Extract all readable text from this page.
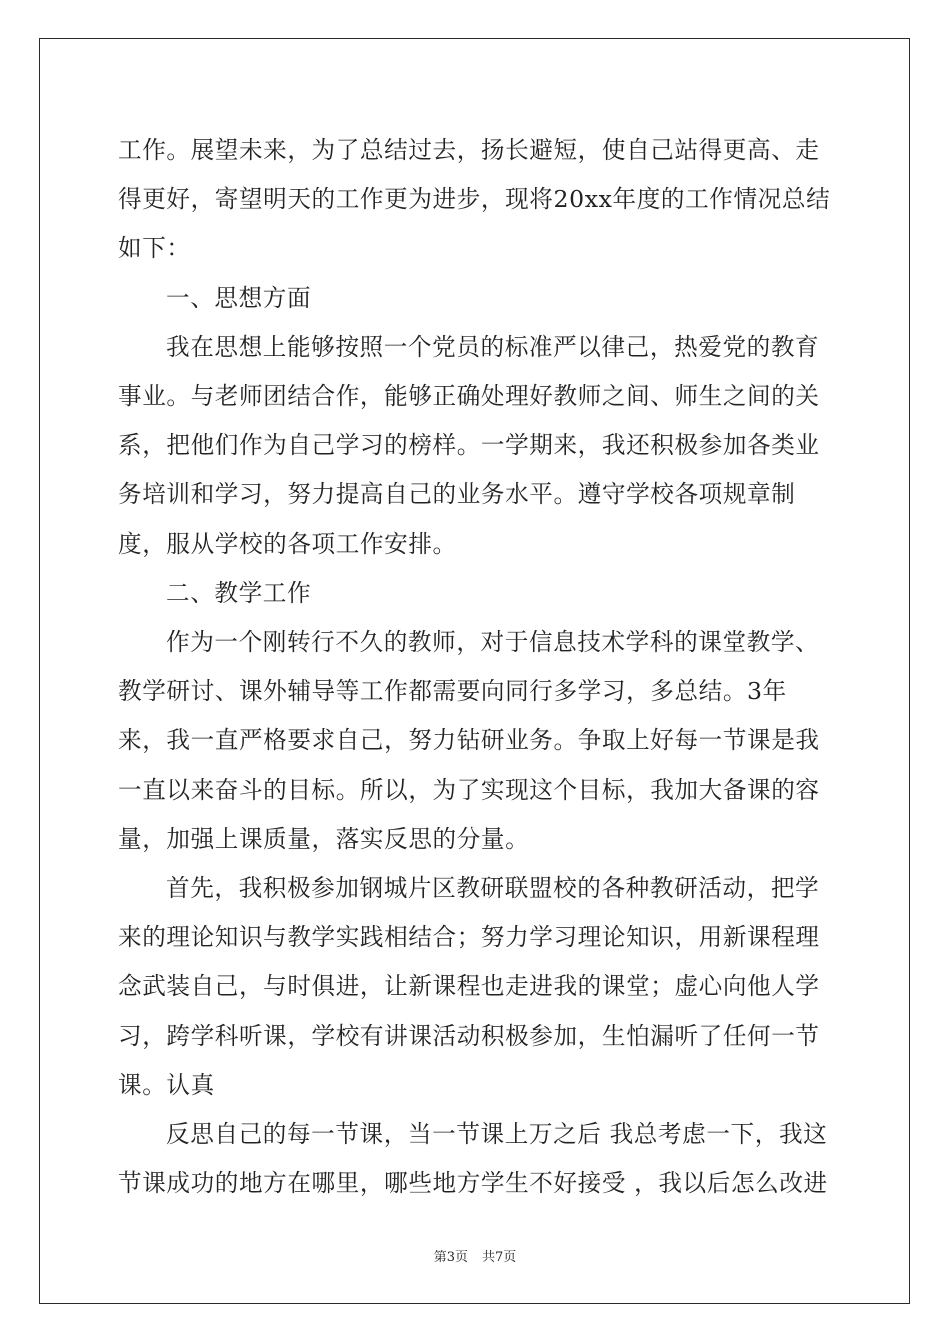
工作。展望未来，为了总结过去，扬长避短，使自己站得更高、走得更好，寄望明天的工作更为进步，现将20xx年度的工作情况总结如下：

一、思想方面

我在思想上能够按照一个党员的标准严以律己，热爱党的教育事业。与老师团结合作，能够正确处理好教师之间、师生之间的关系，把他们作为自己学习的榜样。一学期来，我还积极参加各类业务培训和学习，努力提高自己的业务水平。遵守学校各项规章制度，服从学校的各项工作安排。

二、教学工作

作为一个刚转行不久的教师，对于信息技术学科的课堂教学、教学研讨、课外辅导等工作都需要向同行多学习，多总结。3年来，我一直严格要求自己，努力钻研业务。争取上好每一节课是我一直以来奋斗的目标。所以，为了实现这个目标，我加大备课的容量，加强上课质量，落实反思的分量。

首先，我积极参加钢城片区教研联盟校的各种教研活动，把学来的理论知识与教学实践相结合；努力学习理论知识，用新课程理念武装自己，与时俱进，让新课程也走进我的课堂；虚心向他人学习，跨学科听课，学校有讲课活动积极参加，生怕漏听了任何一节课。认真

反思自己的每一节课，当一节课上万之后 我总考虑一下，我这节课成功的地方在哪里，哪些地方学生不好接受 ，我以后怎么改进

第3页 共7页
